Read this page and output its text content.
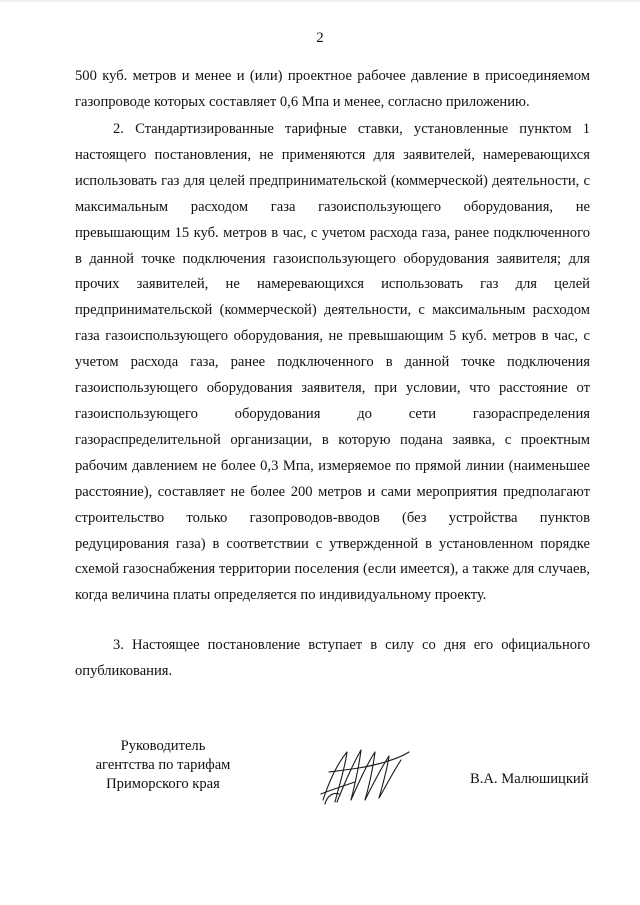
2

500 куб. метров и менее и (или) проектное рабочее давление в присоединяемом газопроводе которых составляет 0,6 Мпа и менее, согласно приложению.

2. Стандартизированные тарифные ставки, установленные пунктом 1 настоящего постановления, не применяются для заявителей, намеревающихся использовать газ для целей предпринимательской (коммерческой) деятельности, с максимальным расходом газа газоиспользующего оборудования, не превышающим 15 куб. метров в час, с учетом расхода газа, ранее подключенного в данной точке подключения газоиспользующего оборудования заявителя; для прочих заявителей, не намеревающихся использовать газ для целей предпринимательской (коммерческой) деятельности, с максимальным расходом газа газоиспользующего оборудования, не превышающим 5 куб. метров в час, с учетом расхода газа, ранее подключенного в данной точке подключения газоиспользующего оборудования заявителя, при условии, что расстояние от газоиспользующего оборудования до сети газораспределения газораспределительной организации, в которую подана заявка, с проектным рабочим давлением не более 0,3 Мпа, измеряемое по прямой линии (наименьшее расстояние), составляет не более 200 метров и сами мероприятия предполагают строительство только газопроводов-вводов (без устройства пунктов редуцирования газа) в соответствии с утвержденной в установленном порядке схемой газоснабжения территории поселения (если имеется), а также для случаев, когда величина платы определяется по индивидуальному проекту.

3. Настоящее постановление вступает в силу со дня его официального опубликования.

Руководитель
агентства по тарифам
Приморского края	В.А. Малюшицкий
